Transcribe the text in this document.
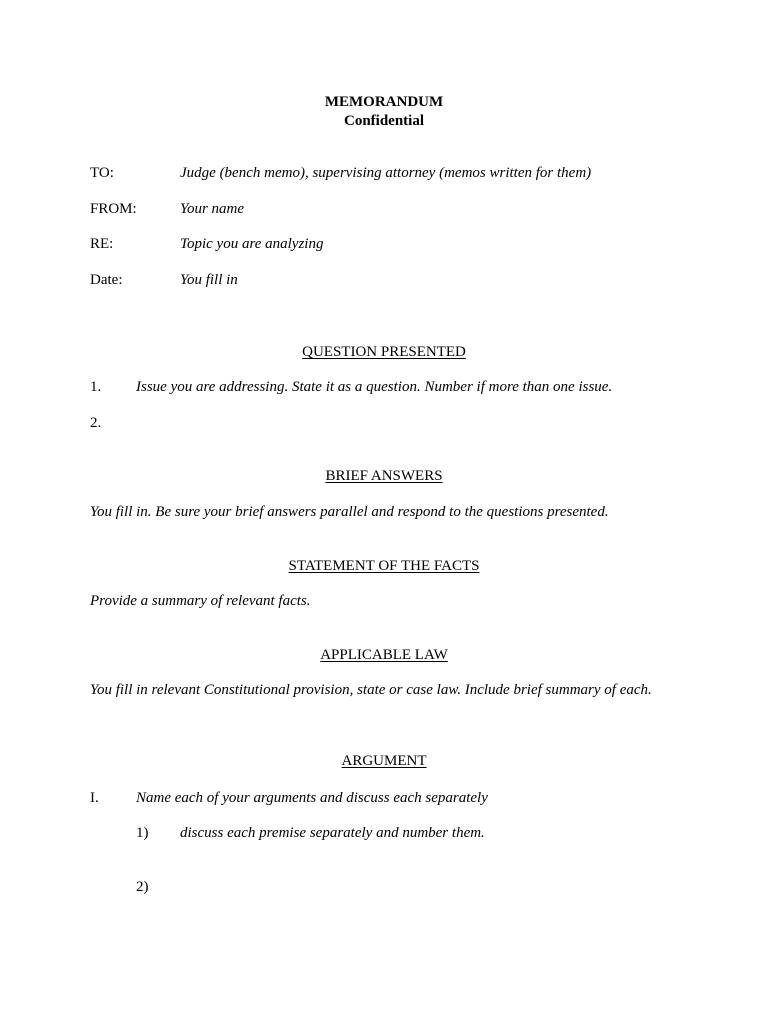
MEMORANDUM
Confidential
TO:	Judge (bench memo), supervising attorney (memos written for them)
FROM:	Your name
RE:	Topic you are analyzing
Date:	You fill in
QUESTION PRESENTED
1. Issue you are addressing. State it as a question. Number if more than one issue.
2.
BRIEF ANSWERS
You fill in. Be sure your brief answers parallel and respond to the questions presented.
STATEMENT OF THE FACTS
Provide a summary of relevant facts.
APPLICABLE LAW
You fill in relevant Constitutional provision, state or case law. Include brief summary of each.
ARGUMENT
I. Name each of your arguments and discuss each separately
1) discuss each premise separately and number them.
2)
